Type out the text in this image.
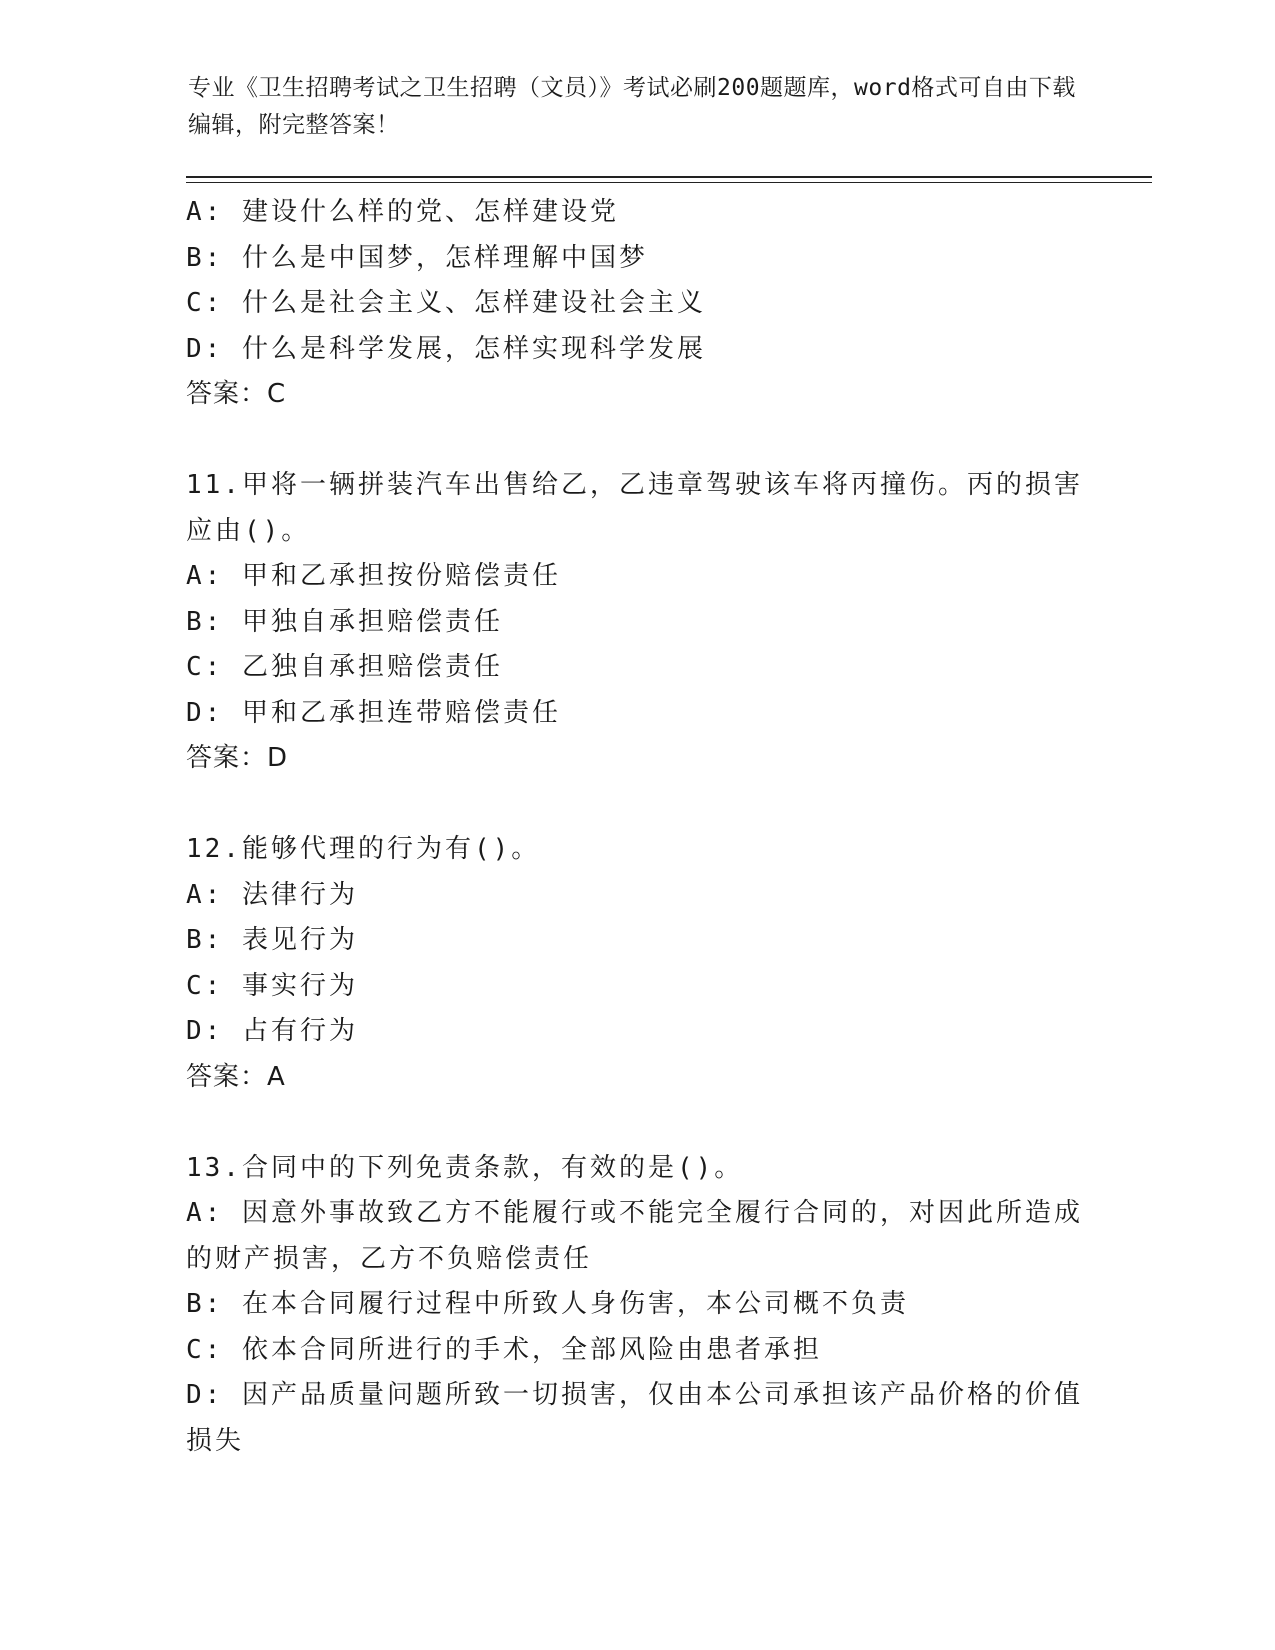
专业《卫生招聘考试之卫生招聘（文员）》考试必刷200题题库，word格式可自由下载编辑，附完整答案！
A: 建设什么样的党、怎样建设党
B: 什么是中国梦，怎样理解中国梦
C: 什么是社会主义、怎样建设社会主义
D: 什么是科学发展，怎样实现科学发展
答案：C
11.甲将一辆拼装汽车出售给乙，乙违章驾驶该车将丙撞伤。丙的损害应由()。
A: 甲和乙承担按份赔偿责任
B: 甲独自承担赔偿责任
C: 乙独自承担赔偿责任
D: 甲和乙承担连带赔偿责任
答案：D
12.能够代理的行为有()。
A: 法律行为
B: 表见行为
C: 事实行为
D: 占有行为
答案：A
13.合同中的下列免责条款，有效的是()。
A: 因意外事故致乙方不能履行或不能完全履行合同的，对因此所造成的财产损害，乙方不负赔偿责任
B: 在本合同履行过程中所致人身伤害，本公司概不负责
C: 依本合同所进行的手术，全部风险由患者承担
D: 因产品质量问题所致一切损害，仅由本公司承担该产品价格的价值损失
